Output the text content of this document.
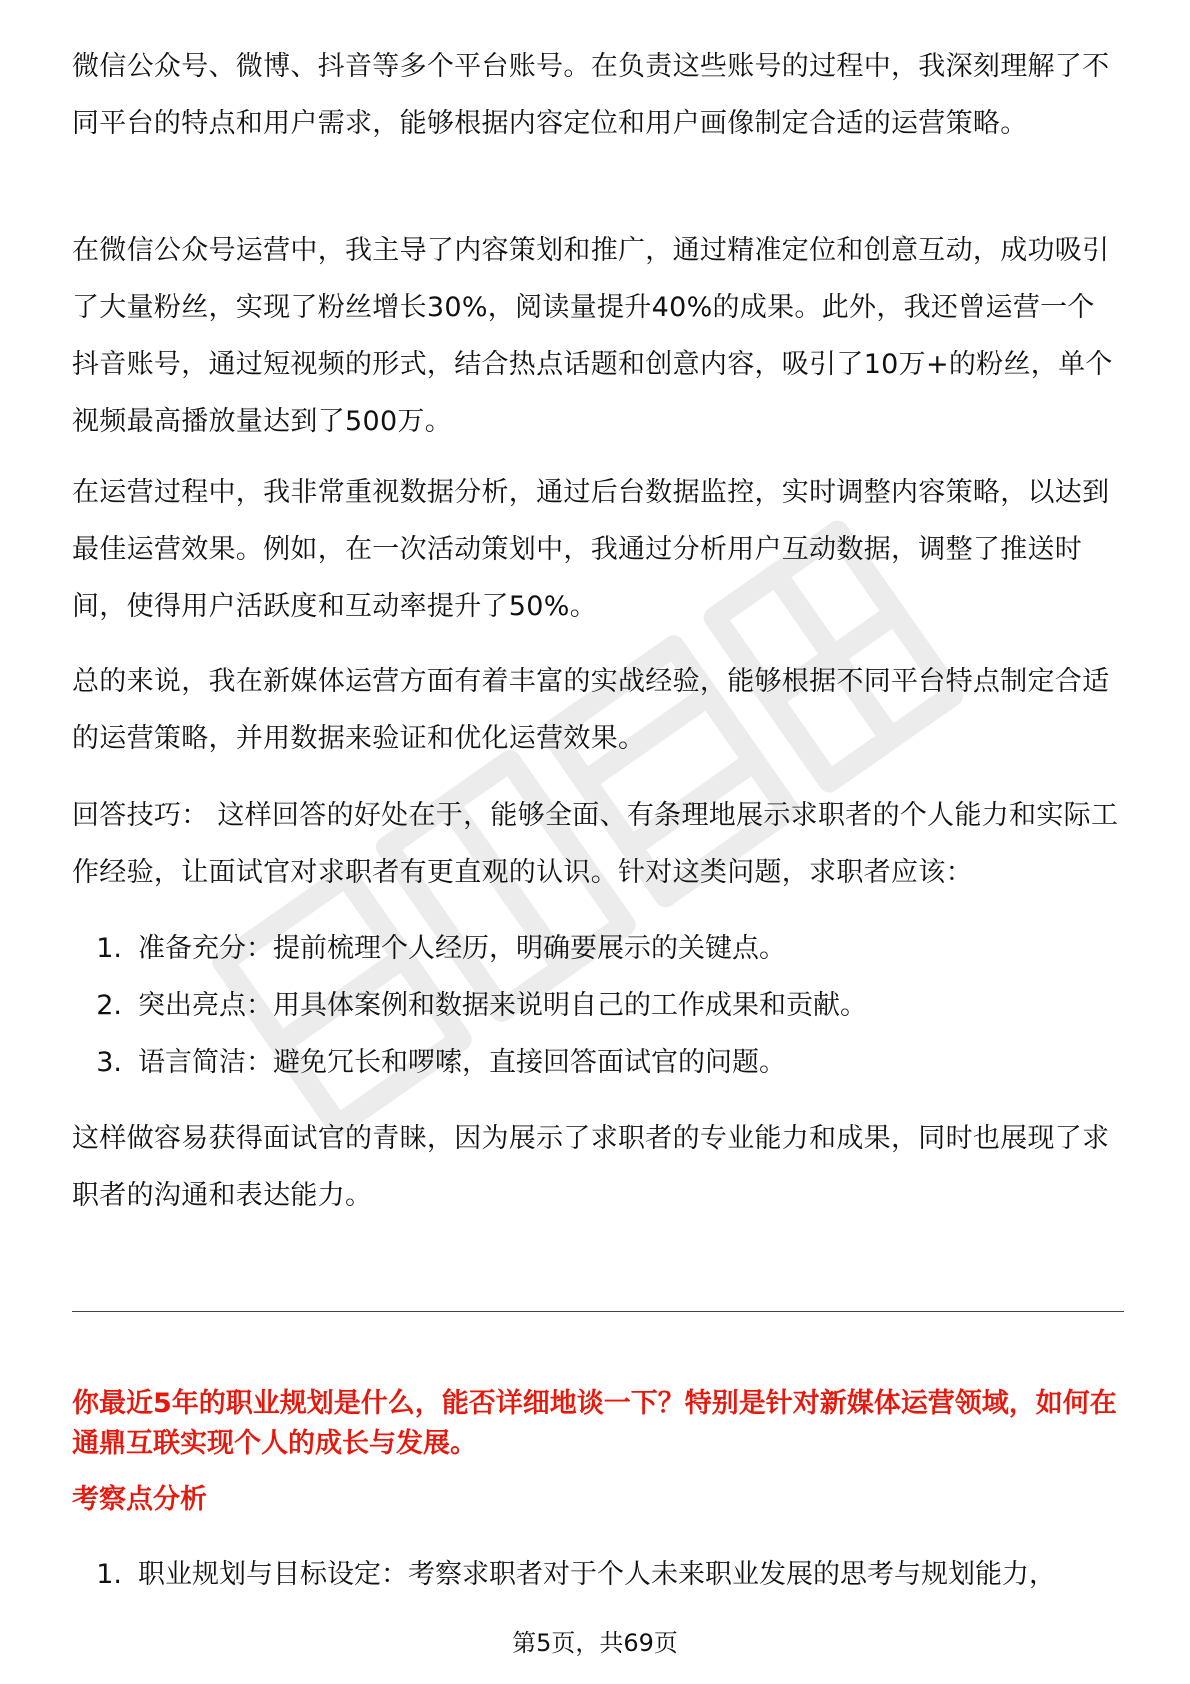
微信公众号、微博、抖音等多个平台账号。在负责这些账号的过程中，我深刻理解了不同平台的特点和用户需求，能够根据内容定位和用户画像制定合适的运营策略。

在微信公众号运营中，我主导了内容策划和推广，通过精准定位和创意互动，成功吸引了大量粉丝，实现了粉丝增长30%，阅读量提升40%的成果。此外，我还曾运营一个抖音账号，通过短视频的形式，结合热点话题和创意内容，吸引了10万+的粉丝，单个视频最高播放量达到了500万。

在运营过程中，我非常重视数据分析，通过后台数据监控，实时调整内容策略，以达到最佳运营效果。例如，在一次活动策划中，我通过分析用户互动数据，调整了推送时间，使得用户活跃度和互动率提升了50%。

总的来说，我在新媒体运营方面有着丰富的实战经验，能够根据不同平台特点制定合适的运营策略，并用数据来验证和优化运营效果。

回答技巧： 这样回答的好处在于，能够全面、有条理地展示求职者的个人能力和实际工作经验，让面试官对求职者有更直观的认识。针对这类问题，求职者应该：

1. 准备充分：提前梳理个人经历，明确要展示的关键点。
2. 突出亮点：用具体案例和数据来说明自己的工作成果和贡献。
3. 语言简洁：避免冗长和啰嗦，直接回答面试官的问题。

这样做容易获得面试官的青睐，因为展示了求职者的专业能力和成果，同时也展现了求职者的沟通和表达能力。

你最近5年的职业规划是什么，能否详细地谈一下？特别是针对新媒体运营领域，如何在通鼎互联实现个人的成长与发展。

考察点分析

1. 职业规划与目标设定：考察求职者对于个人未来职业发展的思考与规划能力，
第5页，共69页
